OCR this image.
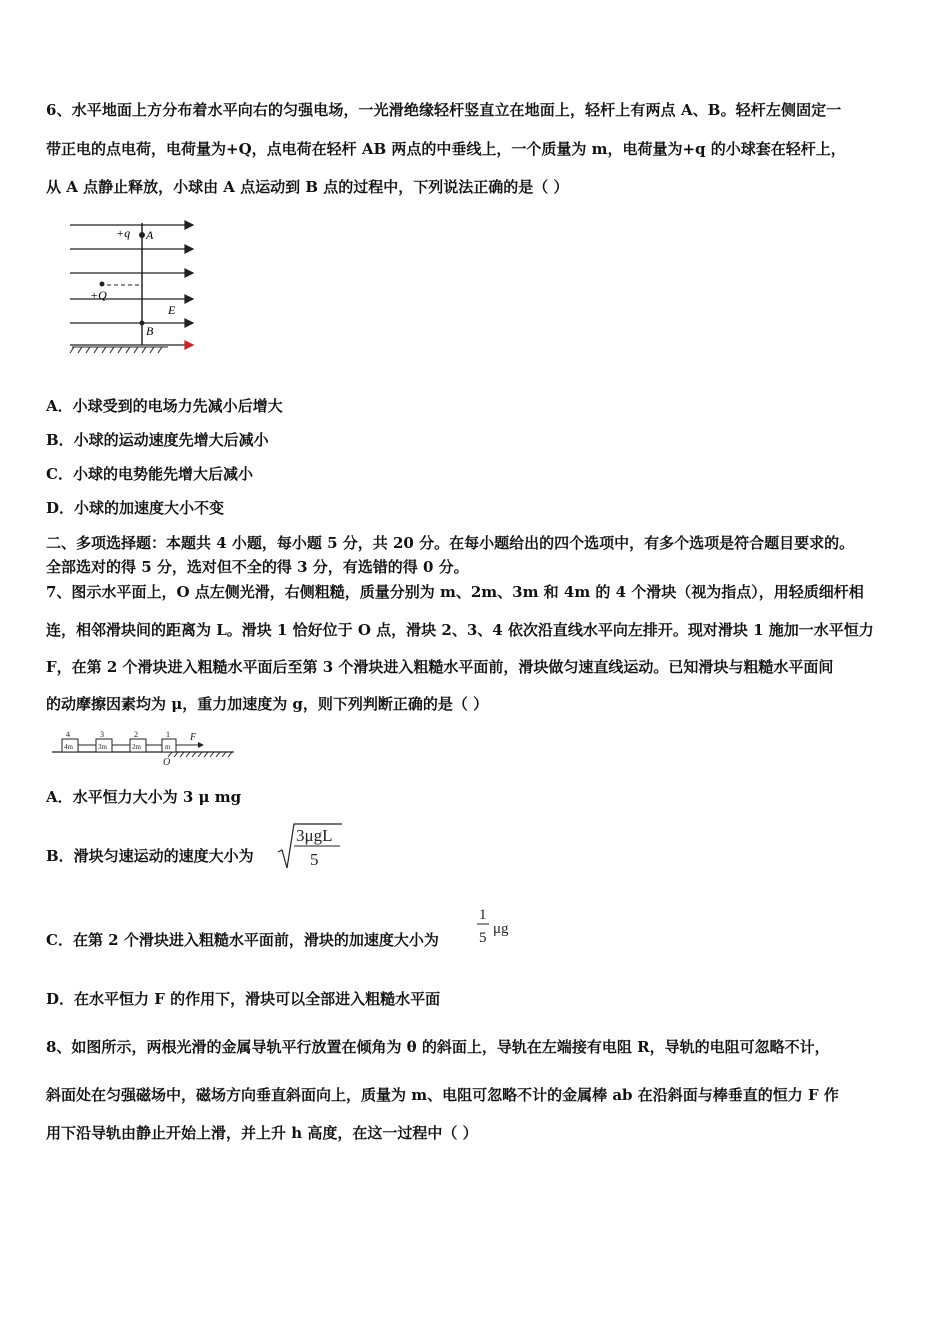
6、水平地面上方分布着水平向右的匀强电场，一光滑绝缘轻杆竖直立在地面上，轻杆上有两点 A、B。轻杆左侧固定一
带正电的点电荷，电荷量为+Q，点电荷在轻杆 AB 两点的中垂线上，一个质量为 m，电荷量为+q 的小球套在轻杆上，
从 A 点静止释放，小球由 A 点运动到 B 点的过程中，下列说法正确的是（ ）
+q A
+Q
E
B
A．小球受到的电场力先减小后增大
B．小球的运动速度先增大后减小
C．小球的电势能先增大后减小
D．小球的加速度大小不变
二、多项选择题：本题共 4 小题，每小题 5 分，共 20 分。在每小题给出的四个选项中，有多个选项是符合题目要求的。
全部选对的得 5 分，选对但不全的得 3 分，有选错的得 0 分。
7、图示水平面上，O 点左侧光滑，右侧粗糙，质量分别为 m、2m、3m 和 4m 的 4 个滑块（视为指点），用轻质细杆相
连，相邻滑块间的距离为 L。滑块 1 恰好位于 O 点，滑块 2、3、4 依次沿直线水平向左排开。现对滑块 1 施加一水平恒力
F，在第 2 个滑块进入粗糙水平面后至第 3 个滑块进入粗糙水平面前，滑块做匀速直线运动。已知滑块与粗糙水平面间
的动摩擦因素均为 μ，重力加速度为 g，则下列判断正确的是（ ）
4
4m
3
3m
2
2m
1
m
F
O
A．水平恒力大小为 3 μ mg
B．滑块匀速运动的速度大小为
3μgL
5
C．在第 2 个滑块进入粗糙水平面前，滑块的加速度大小为
1
5
μg
D．在水平恒力 F 的作用下，滑块可以全部进入粗糙水平面
8、如图所示，两根光滑的金属导轨平行放置在倾角为 θ 的斜面上，导轨在左端接有电阻 R，导轨的电阻可忽略不计，
斜面处在匀强磁场中，磁场方向垂直斜面向上，质量为 m、电阻可忽略不计的金属棒 ab 在沿斜面与棒垂直的恒力 F 作
用下沿导轨由静止开始上滑，并上升 h 高度，在这一过程中（ ）
